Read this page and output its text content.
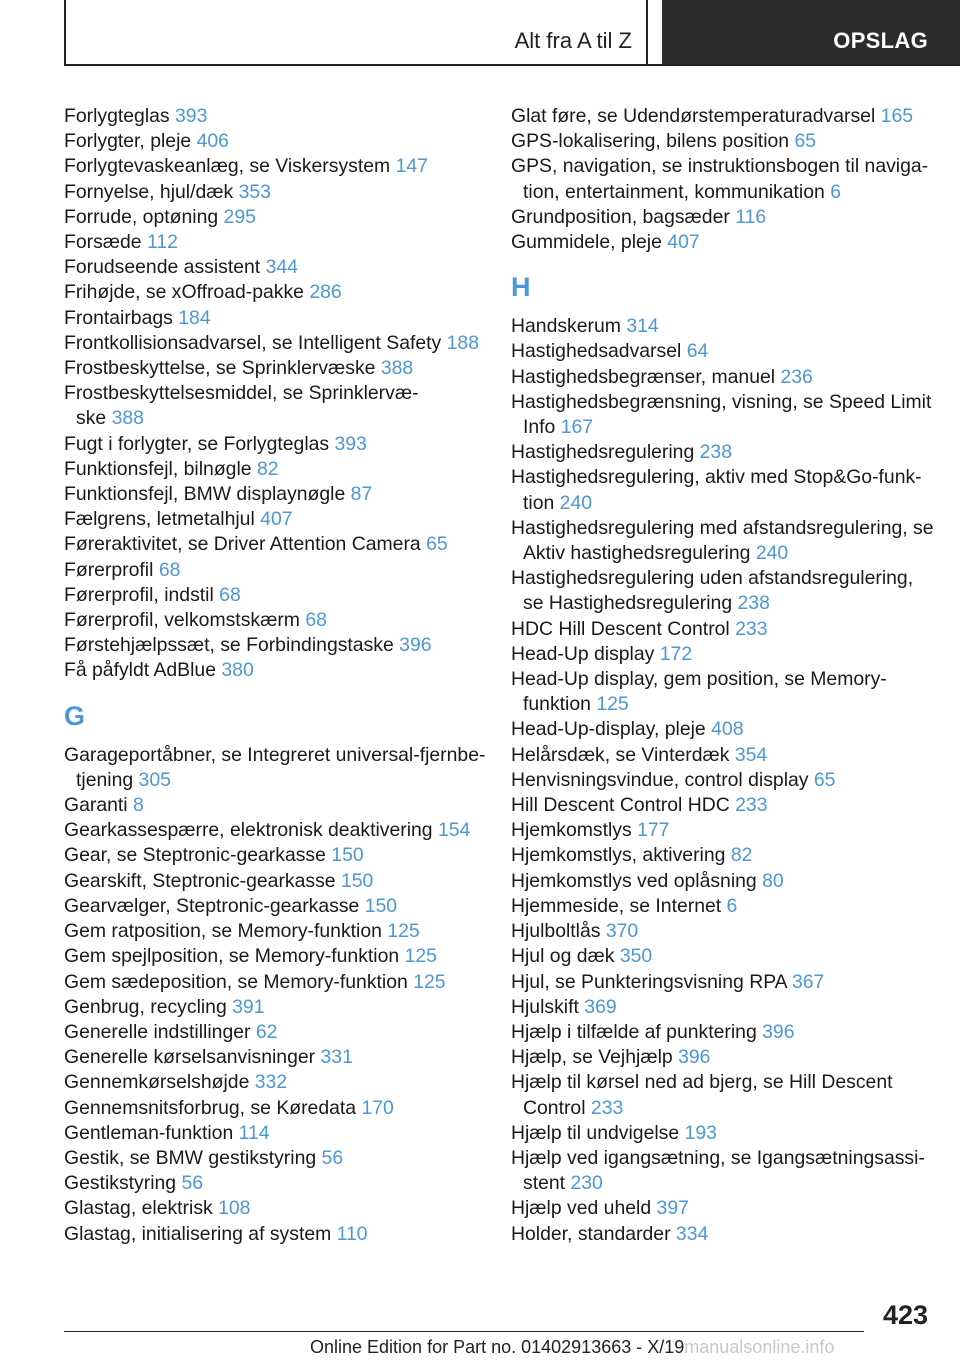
Alt fra A til Z	OPSLAG
Forlygteglas 393
Forlygter, pleje 406
Forlygtevaskeanlæg, se Viskersystem 147
Fornyelse, hjul/dæk 353
Forrude, optøning 295
Forsæde 112
Forudseende assistent 344
Frihøjde, se xOffroad-pakke 286
Frontairbags 184
Frontkollisionsadvarsel, se Intelligent Safety 188
Frostbeskyttelse, se Sprinklervæske 388
Frostbeskyttelsesmiddel, se Sprinklervæ-
ske 388
Fugt i forlygter, se Forlygteglas 393
Funktionsfejl, bilnøgle 82
Funktionsfejl, BMW displaynøgle 87
Fælgrens, letmetalhjul 407
Føreraktivitet, se Driver Attention Camera 65
Førerprofil 68
Førerprofil, indstil 68
Førerprofil, velkomstskærm 68
Førstehjælpssæt, se Forbindingstaske 396
Få påfyldt AdBlue 380
G
Garageportåbner, se Integreret universal-fjernbe-
tjening 305
Garanti 8
Gearkassespærre, elektronisk deaktivering 154
Gear, se Steptronic-gearkasse 150
Gearskift, Steptronic-gearkasse 150
Gearvælger, Steptronic-gearkasse 150
Gem ratposition, se Memory-funktion 125
Gem spejlposition, se Memory-funktion 125
Gem sædeposition, se Memory-funktion 125
Genbrug, recycling 391
Generelle indstillinger 62
Generelle kørselsanvisninger 331
Gennemkørselshøjde 332
Gennemsnitsforbrug, se Køredata 170
Gentleman-funktion 114
Gestik, se BMW gestikstyring 56
Gestikstyring 56
Glastag, elektrisk 108
Glastag, initialisering af system 110
Glat føre, se Udendørstemperaturadvarsel 165
GPS-lokalisering, bilens position 65
GPS, navigation, se instruktionsbogen til naviga-
tion, entertainment, kommunikation 6
Grundposition, bagsæder 116
Gummidele, pleje 407
H
Handskerum 314
Hastighedsadvarsel 64
Hastighedsbegrænser, manuel 236
Hastighedsbegrænsning, visning, se Speed Limit
Info 167
Hastighedsregulering 238
Hastighedsregulering, aktiv med Stop&Go-funk-
tion 240
Hastighedsregulering med afstandsregulering, se
Aktiv hastighedsregulering 240
Hastighedsregulering uden afstandsregulering,
se Hastighedsregulering 238
HDC Hill Descent Control 233
Head-Up display 172
Head-Up display, gem position, se Memory-
funktion 125
Head-Up-display, pleje 408
Helårsdæk, se Vinterdæk 354
Henvisningsvindue, control display 65
Hill Descent Control HDC 233
Hjemkomstlys 177
Hjemkomstlys, aktivering 82
Hjemkomstlys ved oplåsning 80
Hjemmeside, se Internet 6
Hjulboltlås 370
Hjul og dæk 350
Hjul, se Punkteringsvisning RPA 367
Hjulskift 369
Hjælp i tilfælde af punktering 396
Hjælp, se Vejhjælp 396
Hjælp til kørsel ned ad bjerg, se Hill Descent
Control 233
Hjælp til undvigelse 193
Hjælp ved igangsætning, se Igangsætningsassi-
stent 230
Hjælp ved uheld 397
Holder, standarder 334
423
Online Edition for Part no. 01402913663 - X/19manualsonline.info
